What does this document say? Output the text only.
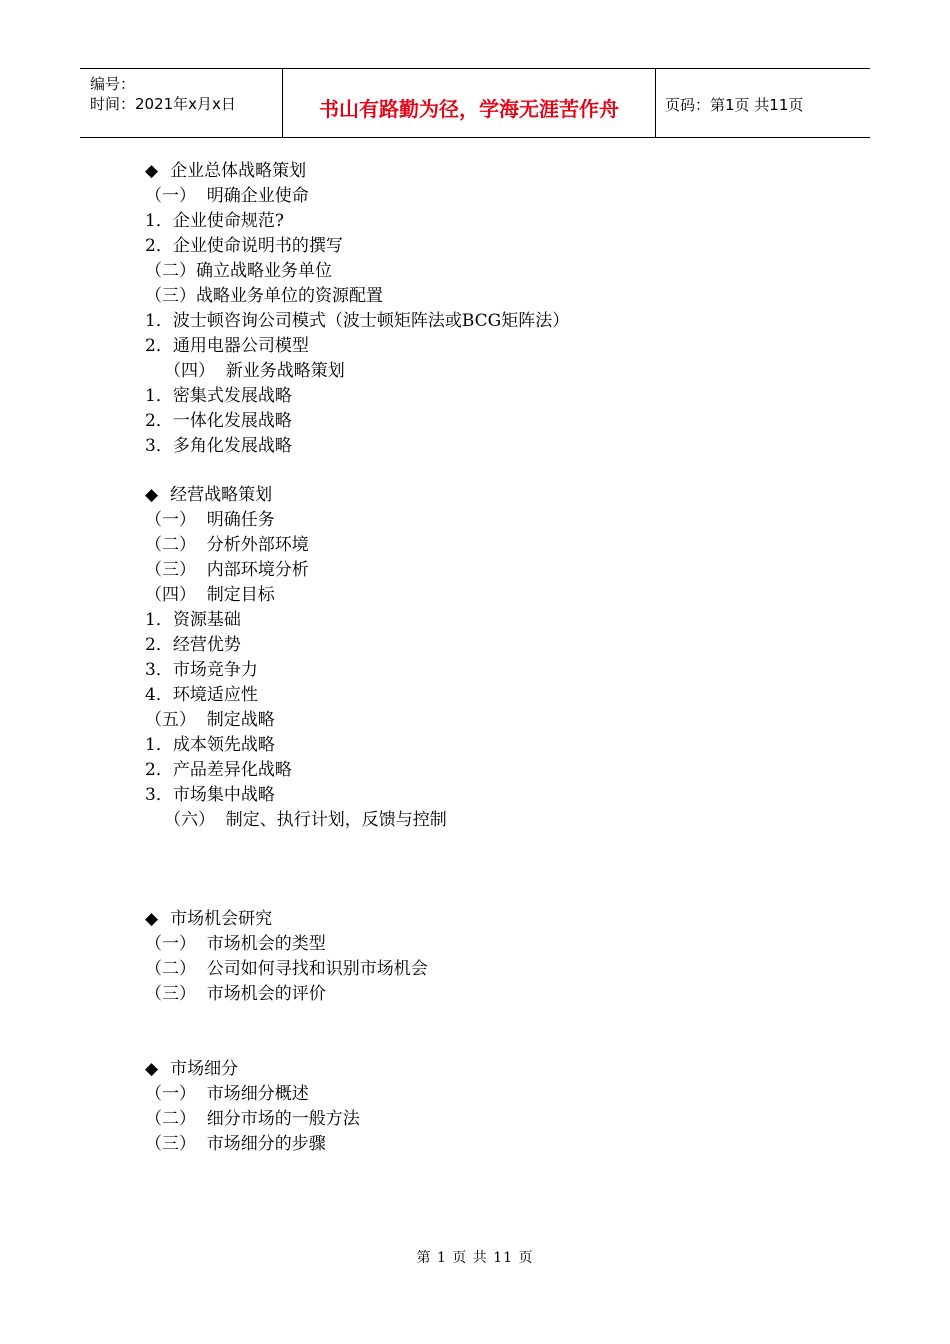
编号：
时间：2021年x月x日	书山有路勤为径，学海无涯苦作舟	页码：第1页 共11页
◆ 企业总体战略策划
（一）  明确企业使命
1．企业使命规范?
2．企业使命说明书的撰写
（二）确立战略业务单位
（三）战略业务单位的资源配置
1．波士顿咨询公司模式（波士顿矩阵法或BCG矩阵法）
2．通用电器公司模型
（四）  新业务战略策划
1．密集式发展战略
2．一体化发展战略
3．多角化发展战略
◆ 经营战略策划
（一）  明确任务
（二）  分析外部环境
（三）  内部环境分析
（四）  制定目标
1．资源基础
2．经营优势
3．市场竞争力
4．环境适应性
（五）  制定战略
1．成本领先战略
2．产品差异化战略
3．市场集中战略
（六）  制定、执行计划，反馈与控制
◆ 市场机会研究
（一）  市场机会的类型
（二）  公司如何寻找和识别市场机会
（三）  市场机会的评价
◆ 市场细分
（一）  市场细分概述
（二）  细分市场的一般方法
（三）  市场细分的步骤
第 1 页 共 11 页
